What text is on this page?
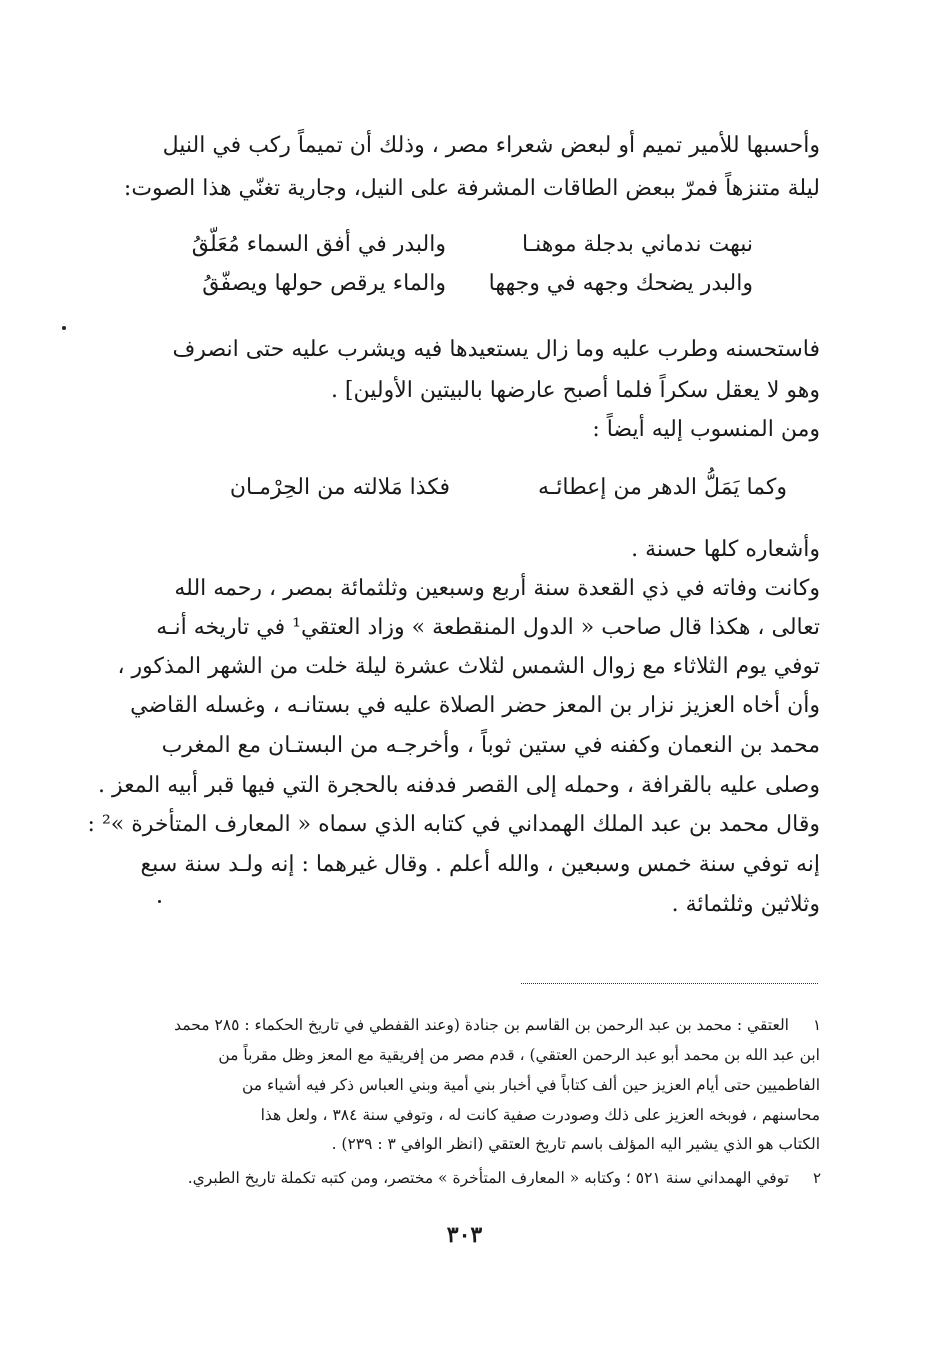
وأحسبها للأمير تميم أو لبعض شعراء مصر ، وذلك أن تميماً ركب في النيل
ليلة متنزهاً فمرّ ببعض الطاقات المشرفة على النيل، وجارية تغنّي هذا الصوت:
نبهت ندماني بدجلة موهنـا والبدر في أفق السماء مُعَلّقُ
والبدر يضحك وجهه في وجهها والماء يرقص حولها ويصفّقُ
فاستحسنه وطرب عليه وما زال يستعيدها فيه ويشرب عليه حتى انصرف
وهو لا يعقل سكراً فلما أصبح عارضها بالبيتين الأولين] .
ومن المنسوب إليه أيضاً :
وكما يَمَلُّ الدهر من إعطائـه فكذا مَلالته من الحِرْمـان
وأشعاره كلها حسنة .
وكانت وفاته في ذي القعدة سنة أربع وسبعين وثلثمائة بمصر ، رحمه الله
تعالى ، هكذا قال صاحب « الدول المنقطعة » وزاد العتقي¹ في تاريخه أنـه
توفي يوم الثلاثاء مع زوال الشمس لثلاث عشرة ليلة خلت من الشهر المذكور ،
وأن أخاه العزيز نزار بن المعز حضر الصلاة عليه في بستانـه ، وغسله القاضي
محمد بن النعمان وكفنه في ستين ثوباً ، وأخرجـه من البستـان مع المغرب
وصلى عليه بالقرافة ، وحمله إلى القصر فدفنه بالحجرة التي فيها قبر أبيه المعز .
وقال محمد بن عبد الملك الهمداني في كتابه الذي سماه « المعارف المتأخرة »² :
إنه توفي سنة خمس وسبعين ، والله أعلم . وقال غيرهما : إنه ولـد سنة سبع
وثلاثين وثلثمائة .
١
العتقي : محمد بن عبد الرحمن بن القاسم بن جنادة (وعند القفطي في تاريخ الحكماء : ٢٨٥ محمد
ابن عبد الله بن محمد أبو عبد الرحمن العتقي) ، قدم مصر من إفريقية مع المعز وظل مقرباً من
الفاطميين حتى أيام العزيز حين ألف كتاباً في أخبار بني أمية وبني العباس ذكر فيه أشياء من
محاسنهم ، فوبخه العزيز على ذلك وصودرت صفية كانت له ، وتوفي سنة ٣٨٤ ، ولعل هذا
الكتاب هو الذي يشير اليه المؤلف باسم تاريخ العتقي (انظر الوافي ٣ : ٢٣٩) .
٢
توفي الهمداني سنة ٥٢١ ؛ وكتابه « المعارف المتأخرة » مختصر، ومن كتبه تكملة تاريخ الطبري.
٣٠٣
